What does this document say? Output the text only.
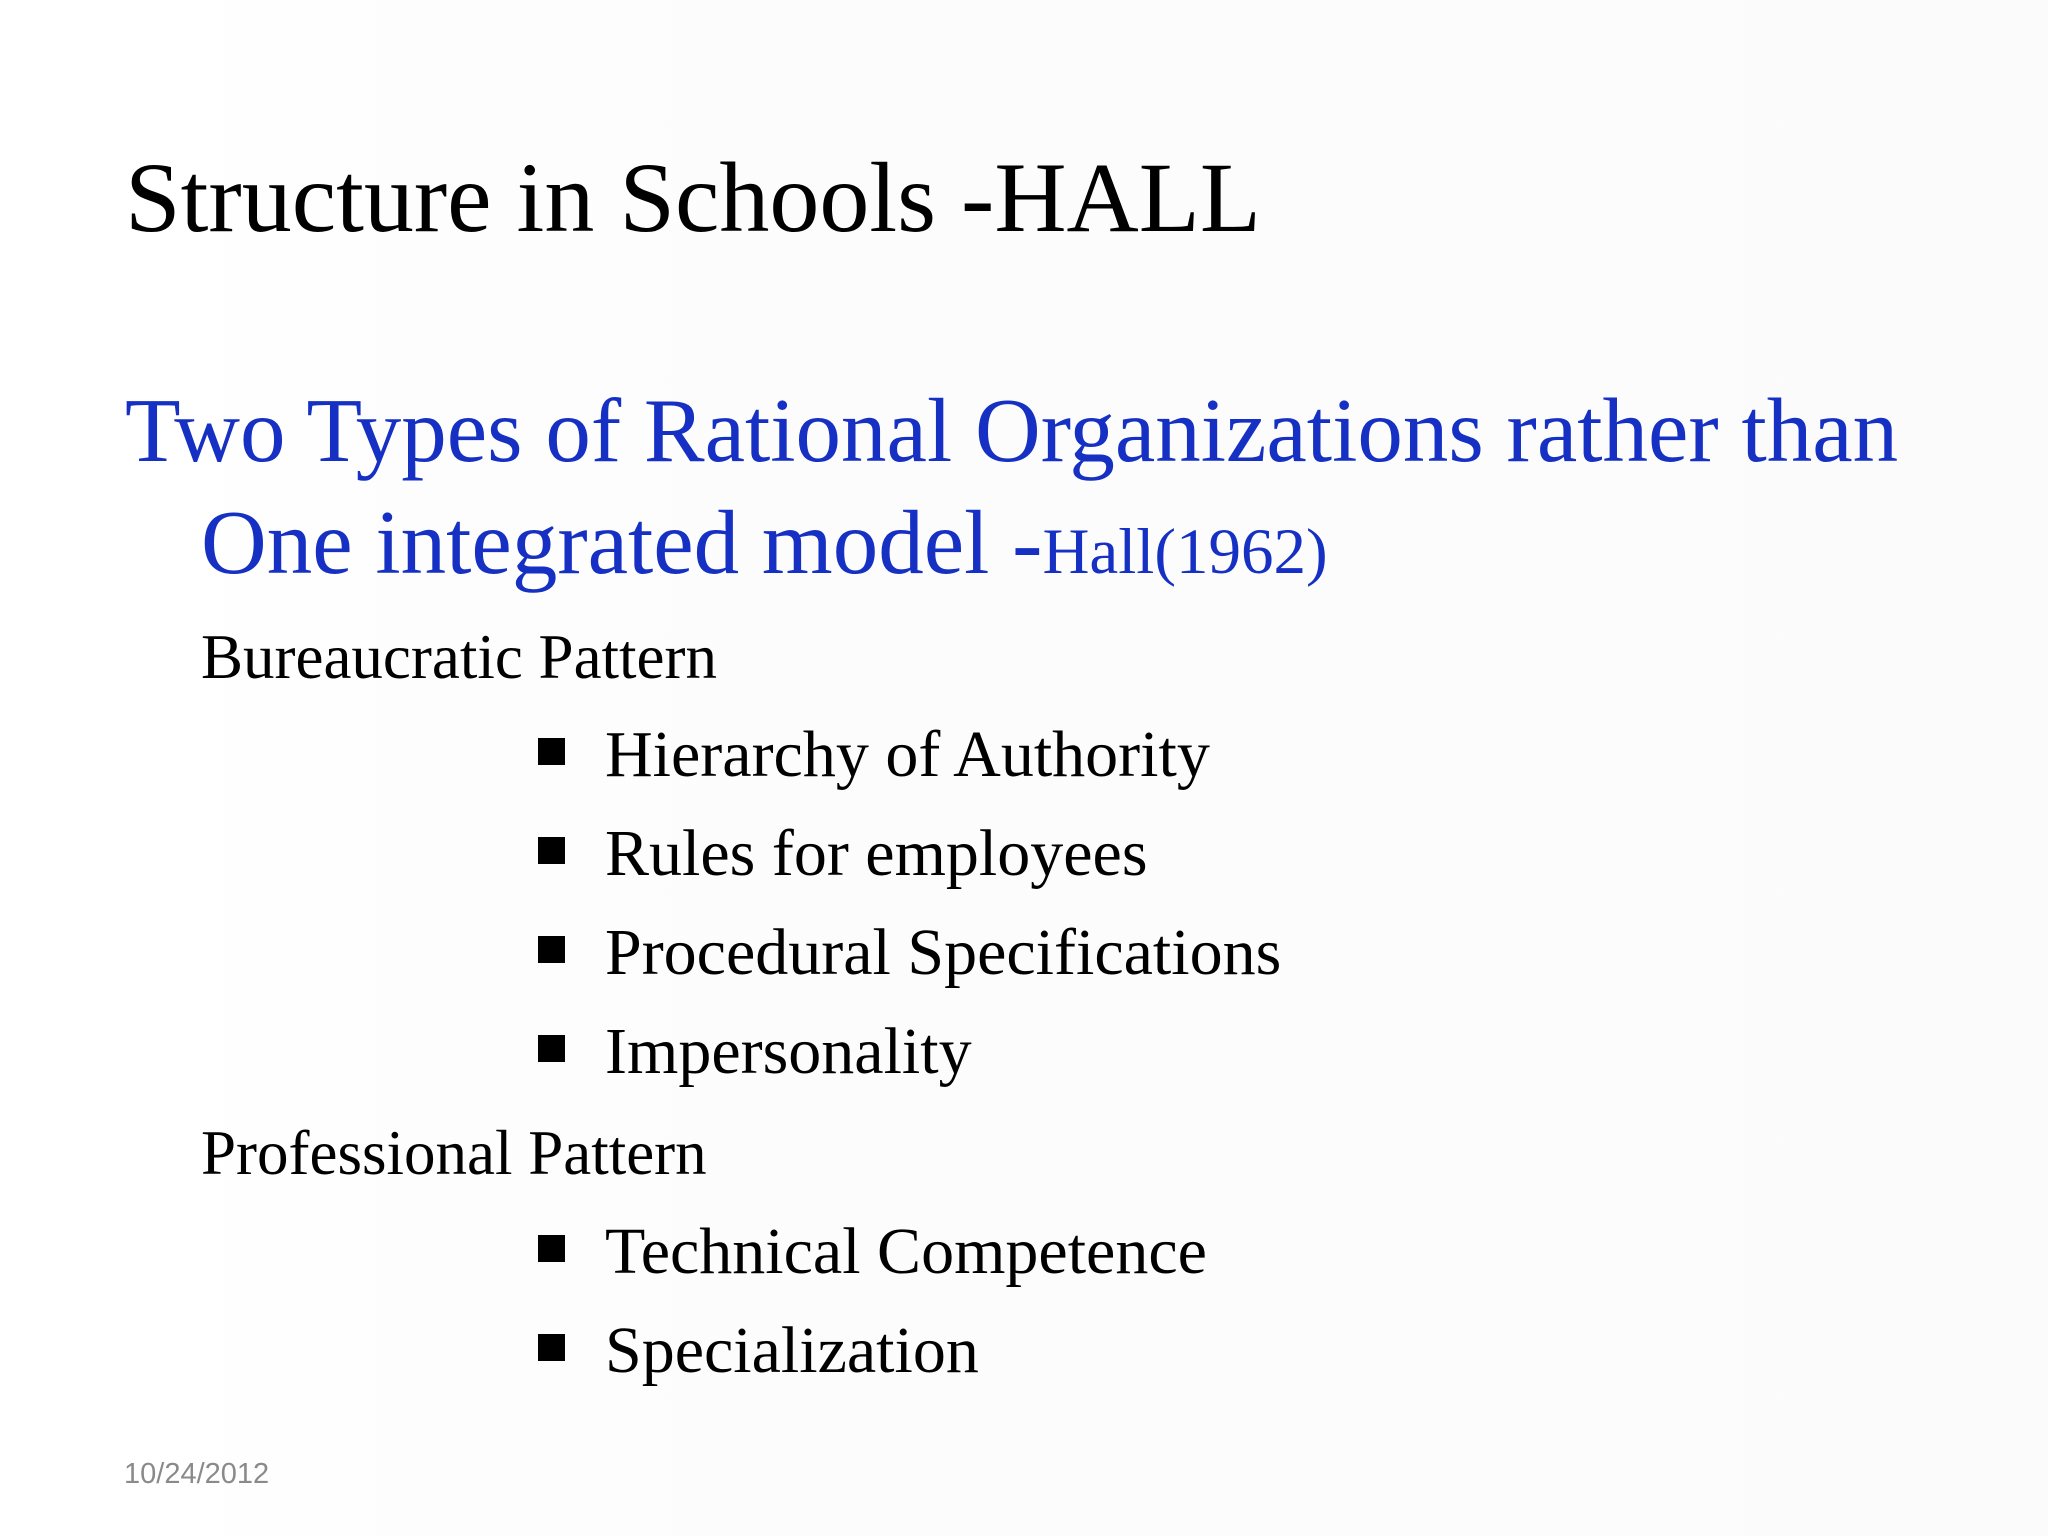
Structure in Schools -HALL
Two Types of Rational Organizations rather than
One integrated model -Hall(1962)

Bureaucratic Pattern

Hierarchy of Authority
Rules for employees
Procedural Specifications
Impersonality

Professional Pattern

Technical Competence
Specialization
10/24/2012
